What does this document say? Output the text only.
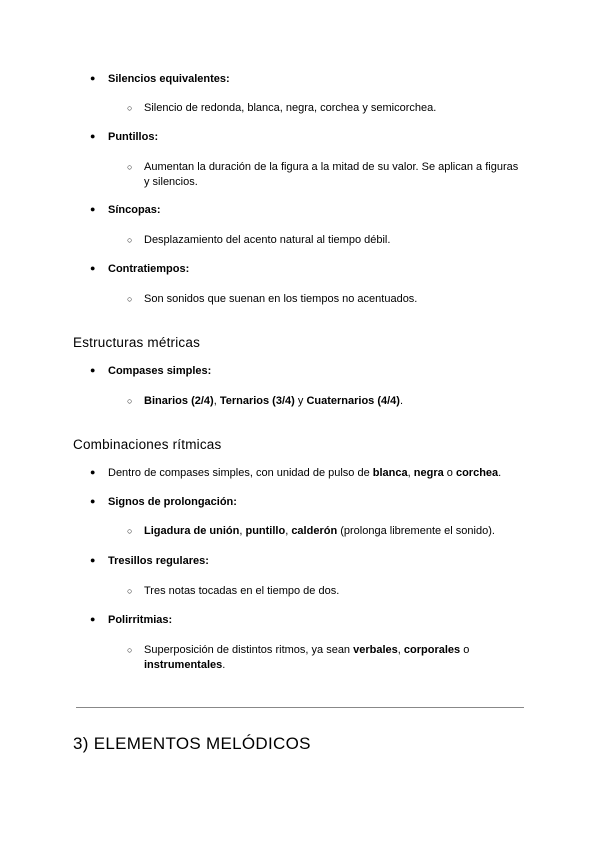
● Silencios equivalentes:
○ Silencio de redonda, blanca, negra, corchea y semicorchea.
● Puntillos:
○ Aumentan la duración de la figura a la mitad de su valor. Se aplican a figuras y silencios.
● Síncopas:
○ Desplazamiento del acento natural al tiempo débil.
● Contratiempos:
○ Son sonidos que suenan en los tiempos no acentuados.
Estructuras métricas
● Compases simples:
○ Binarios (2/4), Ternarios (3/4) y Cuaternarios (4/4).
Combinaciones rítmicas
● Dentro de compases simples, con unidad de pulso de blanca, negra o corchea.
● Signos de prolongación:
○ Ligadura de unión, puntillo, calderón (prolonga libremente el sonido).
● Tresillos regulares:
○ Tres notas tocadas en el tiempo de dos.
● Polirritmias:
○ Superposición de distintos ritmos, ya sean verbales, corporales o instrumentales.
3) ELEMENTOS MELÓDICOS
